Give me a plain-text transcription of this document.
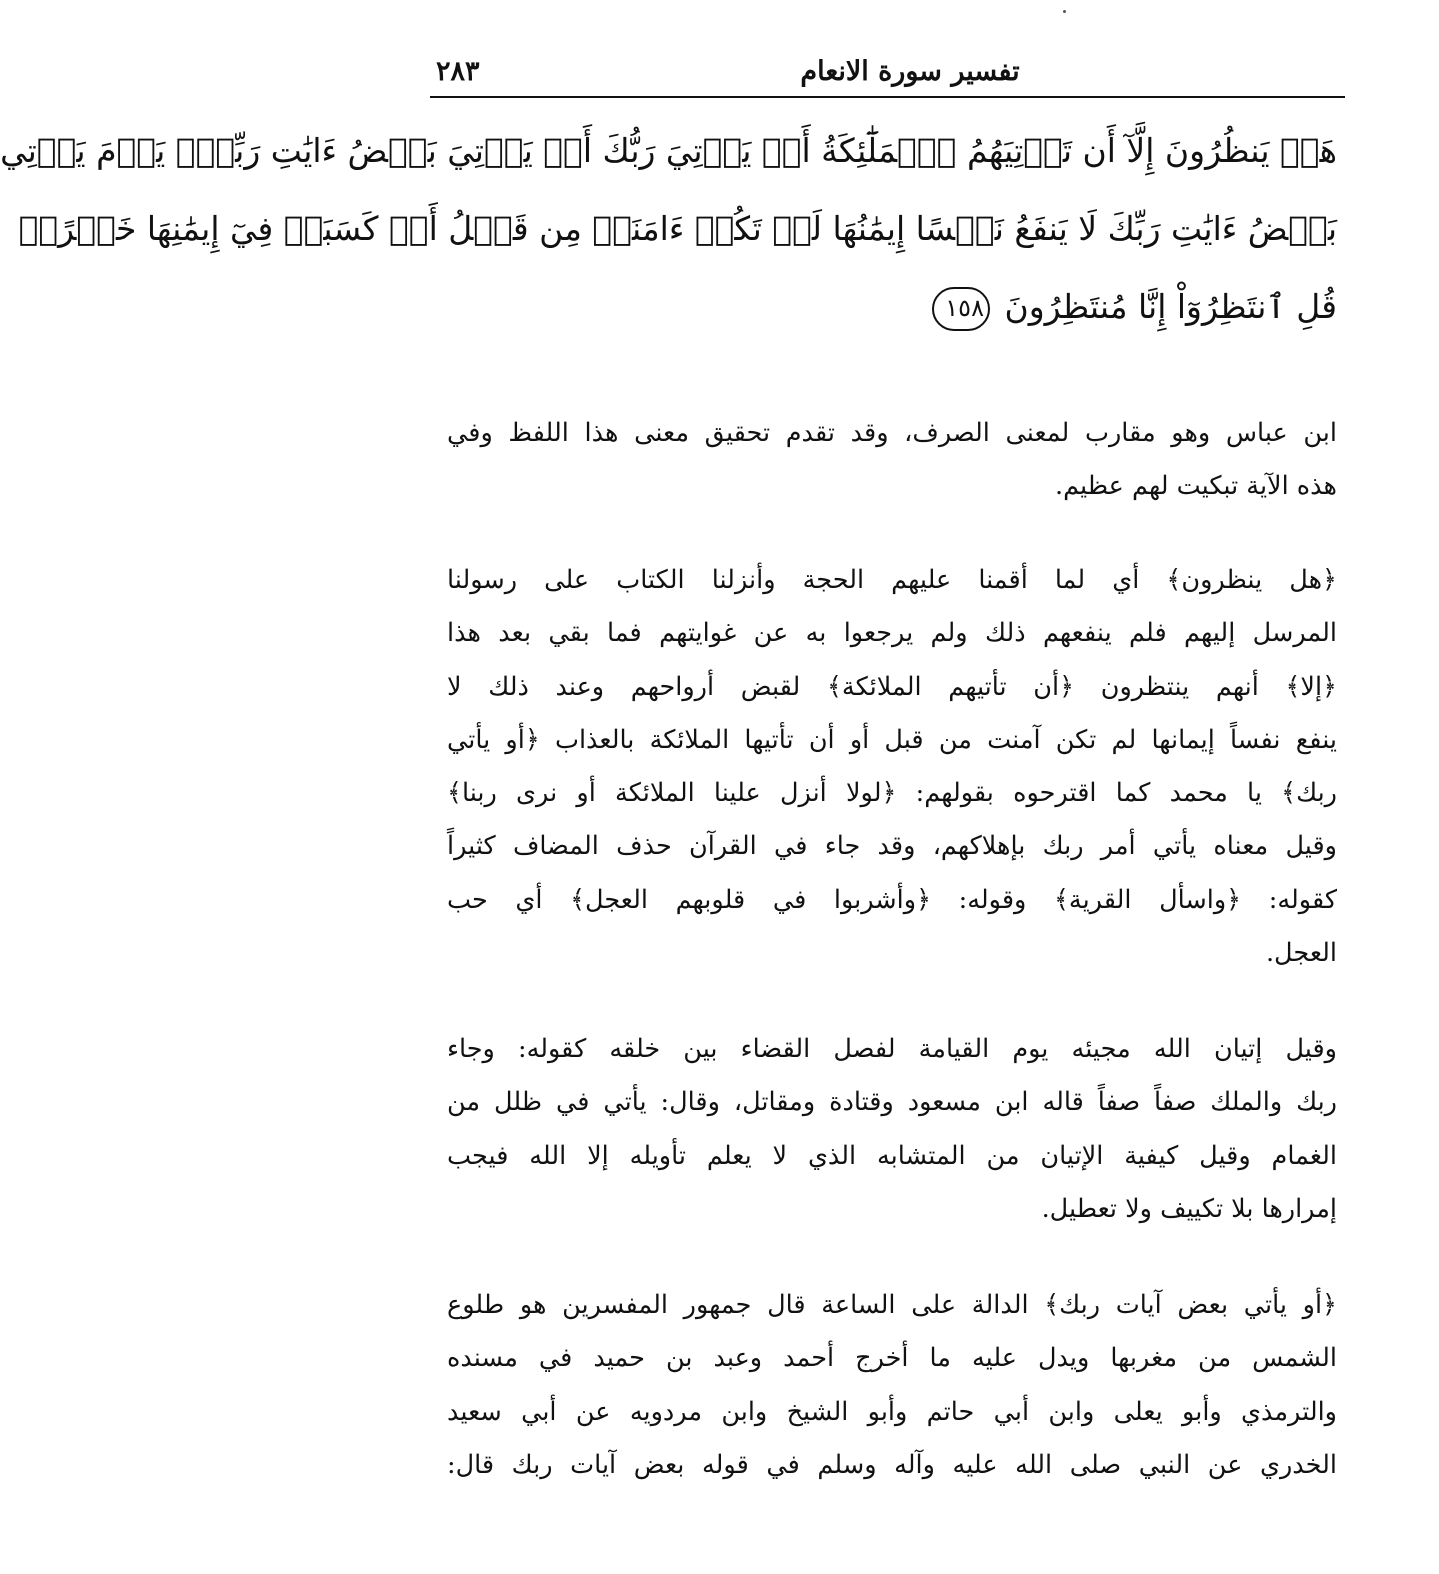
٢٨٣	تفسير سورة الانعام
هَلۡ يَنظُرُونَ إِلَّآ أَن تَأۡتِيَهُمُ ٱلۡمَلَٰٓئِكَةُ أَوۡ يَأۡتِيَ رَبُّكَ أَوۡ يَأۡتِيَ بَعۡضُ ءَايَٰتِ رَبِّكَۗ يَوۡمَ يَأۡتِي
بَعۡضُ ءَايَٰتِ رَبِّكَ لَا يَنفَعُ نَفۡسًا إِيمَٰنُهَا لَمۡ تَكُنۡ ءَامَنَتۡ مِن قَبۡلُ أَوۡ كَسَبَتۡ فِيٓ إِيمَٰنِهَا خَيۡرًاۗ
قُلِ ٱنتَظِرُوٓاْ إِنَّا مُنتَظِرُونَ ١٥٨

ابن عباس وهو مقارب لمعنى الصرف، وقد تقدم تحقيق معنى هذا اللفظ وفي
هذه الآية تبكيت لهم عظيم.

﴿هل ينظرون﴾ أي لما أقمنا عليهم الحجة وأنزلنا الكتاب على رسولنا
المرسل إليهم فلم ينفعهم ذلك ولم يرجعوا به عن غوايتهم فما بقي بعد هذا
﴿إلا﴾ أنهم ينتظرون ﴿أن تأتيهم الملائكة﴾ لقبض أرواحهم وعند ذلك لا
ينفع نفساً إيمانها لم تكن آمنت من قبل أو أن تأتيها الملائكة بالعذاب ﴿أو يأتي
ربك﴾ يا محمد كما اقترحوه بقولهم: ﴿لولا أنزل علينا الملائكة أو نرى ربنا﴾
وقيل معناه يأتي أمر ربك بإهلاكهم، وقد جاء في القرآن حذف المضاف كثيراً
كقوله: ﴿واسأل القرية﴾ وقوله: ﴿وأشربوا في قلوبهم العجل﴾ أي حب
العجل.

وقيل إتيان الله مجيئه يوم القيامة لفصل القضاء بين خلقه كقوله: وجاء
ربك والملك صفاً صفاً قاله ابن مسعود وقتادة ومقاتل، وقال: يأتي في ظلل من
الغمام وقيل كيفية الإتيان من المتشابه الذي لا يعلم تأويله إلا الله فيجب
إمرارها بلا تكييف ولا تعطيل.

﴿أو يأتي بعض آيات ربك﴾ الدالة على الساعة قال جمهور المفسرين هو طلوع
الشمس من مغربها ويدل عليه ما أخرج أحمد وعبد بن حميد في مسنده
والترمذي وأبو يعلى وابن أبي حاتم وأبو الشيخ وابن مردويه عن أبي سعيد
الخدري عن النبي صلى الله عليه وآله وسلم في قوله بعض آيات ربك قال:
